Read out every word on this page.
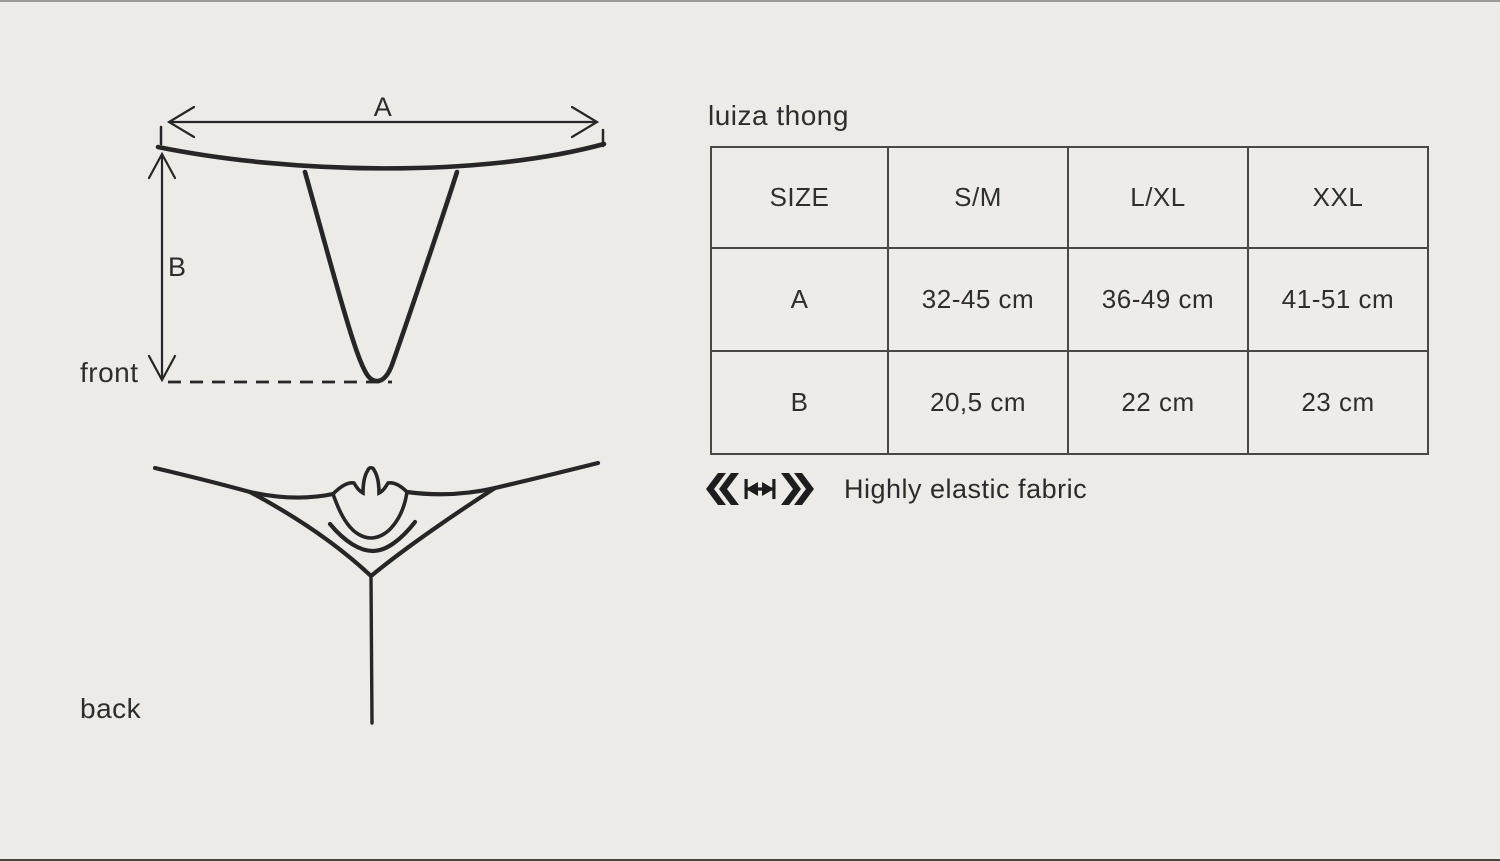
A
B
front
back
luiza thong
SIZE	S/M	L/XL	XXL
A	32-45 cm	36-49 cm	41-51 cm
B	20,5 cm	22 cm	23 cm
Highly elastic fabric
